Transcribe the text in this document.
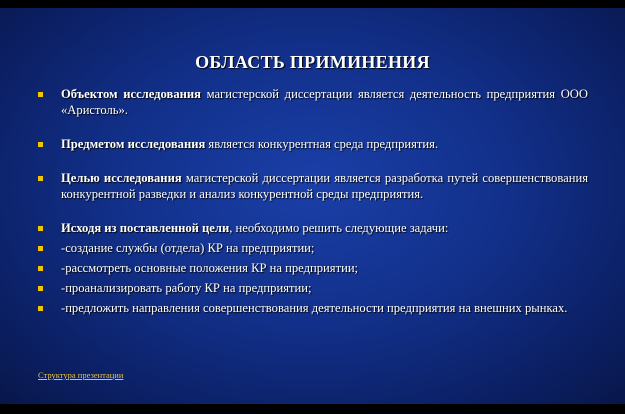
ОБЛАСТЬ ПРИМИНЕНИЯ
Объектом исследования магистерской диссертации является деятельность предприятия ООО «Аристоль».
Предметом исследования является конкурентная среда предприятия.
Целью исследования магистерской диссертации является разработка путей совершенствования конкурентной разведки и анализ конкурентной среды предприятия.
Исходя из поставленной цели, необходимо решить следующие задачи:
-создание службы (отдела) КР на предприятии;
-рассмотреть основные положения КР на предприятии;
-проанализировать работу КР на предприятии;
-предложить направления совершенствования деятельности предприятия на внешних рынках.
Структура презентации
